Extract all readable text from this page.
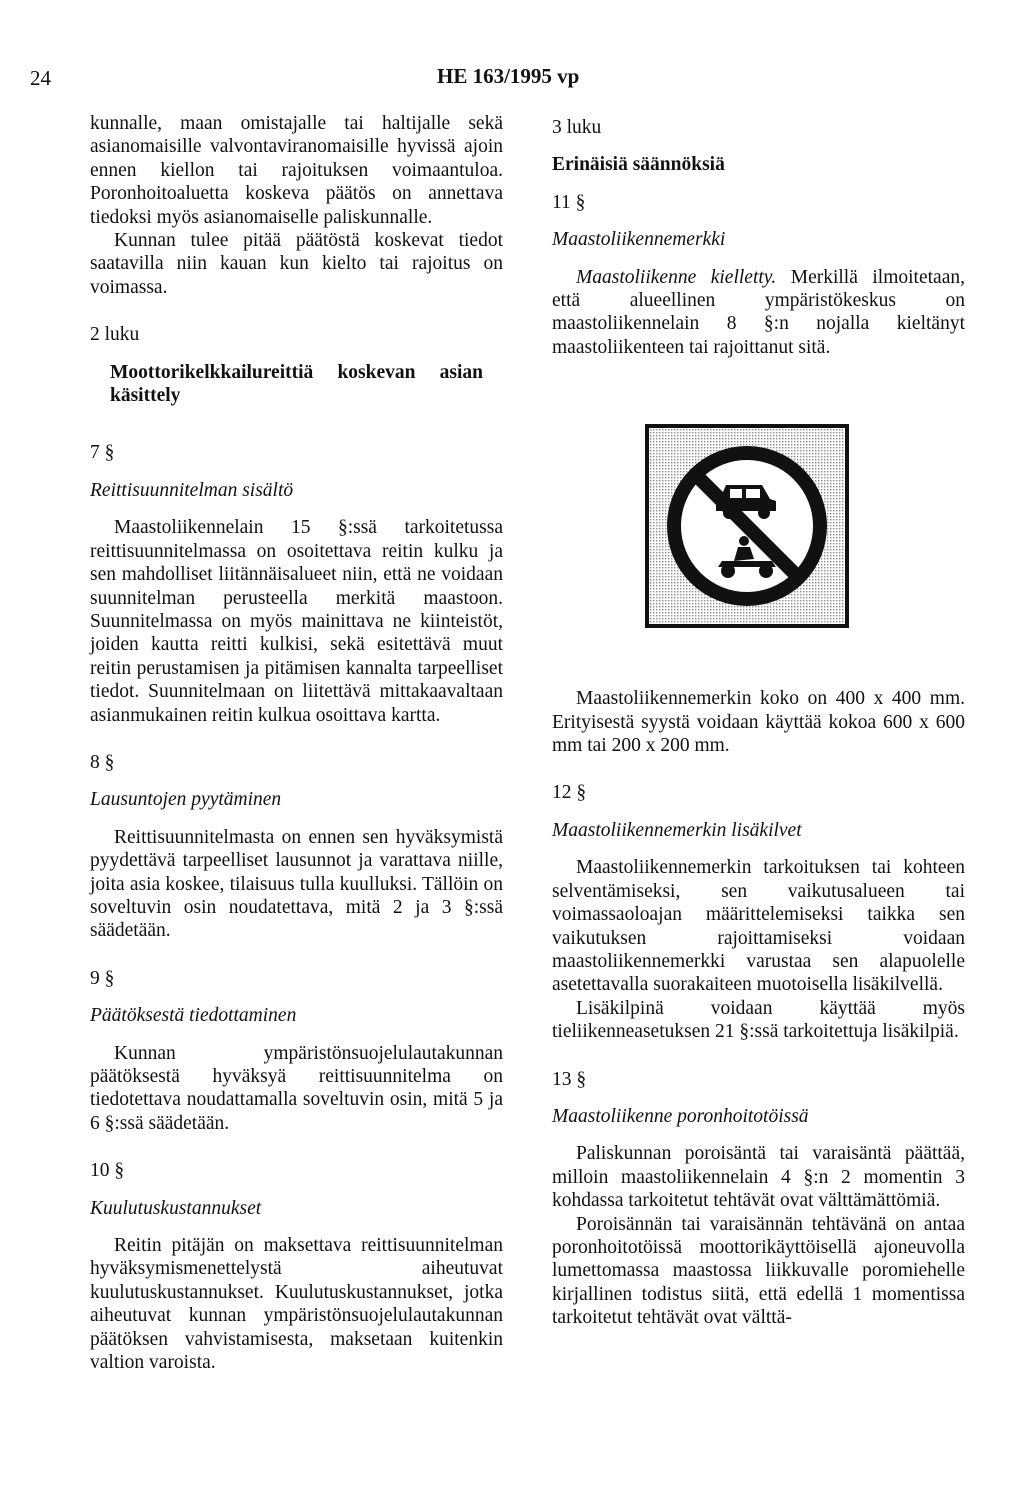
24	HE 163/1995 vp

kunnalle, maan omistajalle tai haltijalle sekä asianomaisille valvontaviranomaisille hyvissä ajoin ennen kiellon tai rajoituksen voimaantuloa. Poronhoitoaluetta koskeva päätös on annettava tiedoksi myös asianomaiselle paliskunnalle.

Kunnan tulee pitää päätöstä koskevat tiedot saatavilla niin kauan kun kielto tai rajoitus on voimassa.

2 luku

Moottorikelkkailureittiä koskevan asian käsittely

7 §

Reittisuunnitelman sisältö

Maastoliikennelain 15 §:ssä tarkoitetussa reittisuunnitelmassa on osoitettava reitin kulku ja sen mahdolliset liitännäisalueet niin, että ne voidaan suunnitelman perusteella merkitä maastoon. Suunnitelmassa on myös mainittava ne kiinteistöt, joiden kautta reitti kulkisi, sekä esitettävä muut reitin perustamisen ja pitämisen kannalta tarpeelliset tiedot. Suunnitelmaan on liitettävä mittakaavaltaan asianmukainen reitin kulkua osoittava kartta.

8 §

Lausuntojen pyytäminen

Reittisuunnitelmasta on ennen sen hyväksymistä pyydettävä tarpeelliset lausunnot ja varattava niille, joita asia koskee, tilaisuus tulla kuulluksi. Tällöin on soveltuvin osin noudatettava, mitä 2 ja 3 §:ssä säädetään.

9 §

Päätöksestä tiedottaminen

Kunnan ympäristönsuojelulautakunnan päätöksestä hyväksyä reittisuunnitelma on tiedotettava noudattamalla soveltuvin osin, mitä 5 ja 6 §:ssä säädetään.

10 §

Kuulutuskustannukset

Reitin pitäjän on maksettava reittisuunnitelman hyväksymismenettelystä aiheutuvat kuulutuskustannukset. Kuulutuskustannukset, jotka aiheutuvat kunnan ympäristönsuojelulautakunnan päätöksen vahvistamisesta, maksetaan kuitenkin valtion varoista.

3 luku

Erinäisiä säännöksiä

11 §

Maastoliikennemerkki

Maastoliikenne kielletty. Merkillä ilmoitetaan, että alueellinen ympäristökeskus on maastoliikennelain 8 §:n nojalla kieltänyt maastoliikenteen tai rajoittanut sitä.

Maastoliikennemerkin koko on 400 x 400 mm. Erityisestä syystä voidaan käyttää kokoa 600 x 600 mm tai 200 x 200 mm.

12 §

Maastoliikennemerkin lisäkilvet

Maastoliikennemerkin tarkoituksen tai kohteen selventämiseksi, sen vaikutusalueen tai voimassaoloajan määrittelemiseksi taikka sen vaikutuksen rajoittamiseksi voidaan maastoliikennemerkki varustaa sen alapuolelle asetettavalla suorakaiteen muotoisella lisäkilvellä.

Lisäkilpinä voidaan käyttää myös tieliikenneasetuksen 21 §:ssä tarkoitettuja lisäkilpiä.

13 §

Maastoliikenne poronhoitotöissä

Paliskunnan poroisäntä tai varaisäntä päättää, milloin maastoliikennelain 4 §:n 2 momentin 3 kohdassa tarkoitetut tehtävät ovat välttämättömiä.

Poroisännän tai varaisännän tehtävänä on antaa poronhoitotöissä moottorikäyttöisellä ajoneuvolla lumettomassa maastossa liikkuvalle poromiehelle kirjallinen todistus siitä, että edellä 1 momentissa tarkoitetut tehtävät ovat välttä-
